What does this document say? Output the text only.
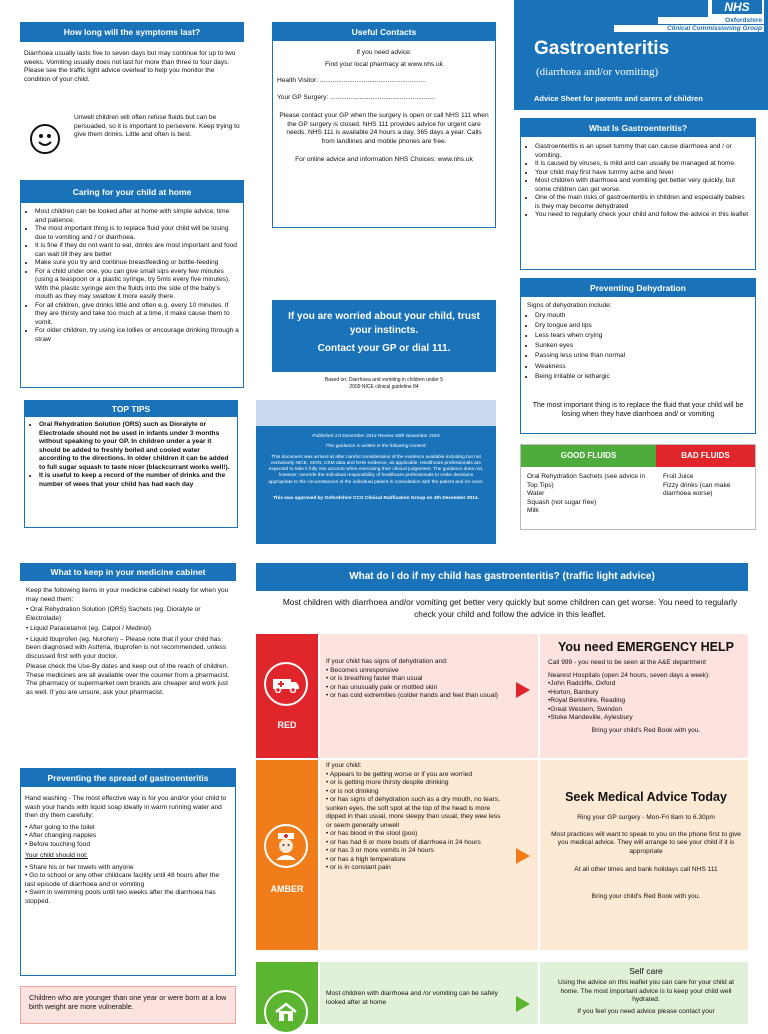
How long will the symptoms last?
Diarrhoea usually lasts five to seven days but may continue for up to two weeks. Vomiting usually does not last for more than three to four days. Please see the traffic light advice overleaf to help you monitor the condition of your child.
Unwell children will often refuse fluids but can be persuaded, so it is important to persevere. Keep trying to give them drinks. Little and often is best.
Caring for your child at home
• Most children can be looked after at home with simple advice, time and patience.
• The most important thing is to replace fluid your child will be losing due to vomiting and / or diarrhoea.
• It is fine if they do not want to eat, drinks are most important and food can wait till they are better
• Make sure you try and continue breastfeeding or bottle-feeding
• For a child under one, you can give small sips every few minutes (using a teaspoon or a plastic syringe, try 5mls every five minutes). With the plastic syringe aim the fluids into the side of the baby's mouth as they may swallow it more easily there.
• For all children, give drinks little and often e.g. every 10 minutes. If they are thirsty and take too much at a time, it make cause them to vomit.
• For older children, try using ice lollies or encourage drinking through a straw
TOP TIPS
• Oral Rehydration Solution (ORS) such as Dioralyte or Electrolade should not be used in infants under 3 months without speaking to your GP. In children under a year it should be added to freshly boiled and cooled water according to the directions. In older children it can be added to full sugar squash to taste nicer (blackcurrant works well!).
• It is useful to keep a record of the number of drinks and the number of wees that your child has had each day
Useful Contacts
If you need advice:
Find your local pharmacy at www.nhs.uk
Health Visitor: ..........................................................
Your GP Surgery: .........................................................
Please contact your GP when the surgery is open or call NHS 111 when the GP surgery is closed. NHS 111 provides advice for urgent care needs. NHS 111 is available 24 hours a day, 365 days a year. Calls from landlines and mobile phones are free.
For online advice and information NHS Choices: www.nhs.uk
If you are worried about your child, trust your instincts.
Contact your GP or dial 111.
Based on: Diarrhoea and vomiting in children under 5 2009 NICE clinical guideline 84
Published 1st December 2014 Review 30th November 2015
This guidance is written in the following context:
This document was arrived at after careful consideration of the evidence available including but not exclusively NICE, SIGN, CKM data and NHS evidence, as applicable. Healthcare professionals are expected to take it fully into account when exercising their clinical judgement. The guidance does not, however, override the individual responsibility of healthcare professionals to make decisions appropriate to the circumstances of the individual patient in consultation with the patient and /or carer.
This was approved by Oxfordshire CCG Clinical Ratification Group on 4th December 2014.
NHS
Oxfordshire
Clinical Commissioning Group
Gastroenteritis
(diarrhoea and/or vomiting)
Advice Sheet for parents and carers of children
What Is Gastroenteritis?
• Gastroenteritis is an upset tummy that can cause diarrhoea and / or vomiting.
• It is caused by viruses, is mild and can usually be managed at home.
• Your child may first have tummy ache and fever
• Most children with diarrhoea and vomiting get better very quickly, but some children can get worse.
• One of the main risks of gastroenteritis in children and especially babies is they may become dehydrated
• You need to regularly check your child and follow the advice in this leaflet
Preventing Dehydration
Signs of dehydration include:
• Dry mouth
• Dry tongue and lips
• Less tears when crying
• Sunken eyes
• Passing less urine than normal
• Weakness
• Being irritable or lethargic
The most important thing is to replace the fluid that your child will be losing when they have diarrhoea and/ or vomiting
GOOD FLUIDS	BAD FLUIDS
Oral Rehydration Sachets (see advice in Top Tips)
Water
Squash (not sugar free)
Milk
Fruit Juice
Fizzy drinks (can make diarrhoea worse)
What to keep in your medicine cabinet
Keep the following items in your medicine cabinet ready for when you may need them:
• Oral Rehydration Solution (ORS) Sachets (eg. Dioralyte or Electrolade)
• Liquid Paracetamol (eg. Calpol / Medinol)
• Liquid Ibuprofen (eg. Nurofen) – Please note that if your child has been diagnosed with Asthma, Ibuprofen is not recommended, unless discussed first with your doctor.
Please check the Use-By dates and keep out of the reach of children. These medicines are all available over the counter from a pharmacist. The pharmacy or supermarket own brands are cheaper and work just as well. If you are unsure, ask your pharmacist.
Preventing the spread of gastroenteritis
Hand washing - The most effective way is for you and/or your child to wash your hands with liquid soap ideally in warm running water and then dry them carefully:
• After going to the toilet
• After changing nappies
• Before touching food
Your child should not:
• Share his or her towels with anyone
• Go to school or any other childcare facility until 48 hours after the last episode of diarrhoea and or vomiting
• Swim in swimming pools until two weeks after the diarrhoea has stopped.
Children who are younger than one year or were born at a low birth weight are more vulnerable.
What do I do if my child has gastroenteritis? (traffic light advice)
Most children with diarrhoea and/or vomiting get better very quickly but some children can get worse. You need to regularly check your child and follow the advice in this leaflet.
RED
If your child has signs of dehydration and:
• Becomes unresponsive
• or is breathing faster than usual
• or has unusually pale or mottled skin
• or has cold extremities (colder hands and feet than usual)
You need EMERGENCY HELP
Call 999 - you need to be seen at the A&E department
Nearest Hospitals (open 24 hours, seven days a week):
•John Radcliffe, Oxford
•Horton, Banbury
•Royal Berkshire, Reading
•Great Western, Swindon
•Stoke Mandeville, Aylesbury
Bring your child's Red Book with you.
AMBER
If your child:
• Appears to be getting worse or if you are worried
• or is getting more thirsty despite drinking
• or is not drinking
• or has signs of dehydration such as a dry mouth, no tears, sunken eyes, the soft spot at the top of the head is more dipped in than usual, more sleepy than usual, they wee less or seem generally unwell
• or has blood in the stool (poo)
• or has had 6 or more bouts of diarrhoea in 24 hours
• or has 3 or more vomits in 24 hours
• or has a high temperature
• or is in constant pain
Seek Medical Advice Today
Ring your GP surgery - Mon-Fri 8am to 6.30pm
Most practices will want to speak to you on the phone first to give you medical advice. They will arrange to see your child if it is appropriate
At all other times and bank holidays call NHS 111
Bring your child's Red Book with you.
Most children with diarrhoea and /or vomiting can be safely looked after at home
Self care
Using the advice on this leaflet you can care for your child at home. The most important advice is to keep your child well hydrated.
If you feel you need advice please contact your
